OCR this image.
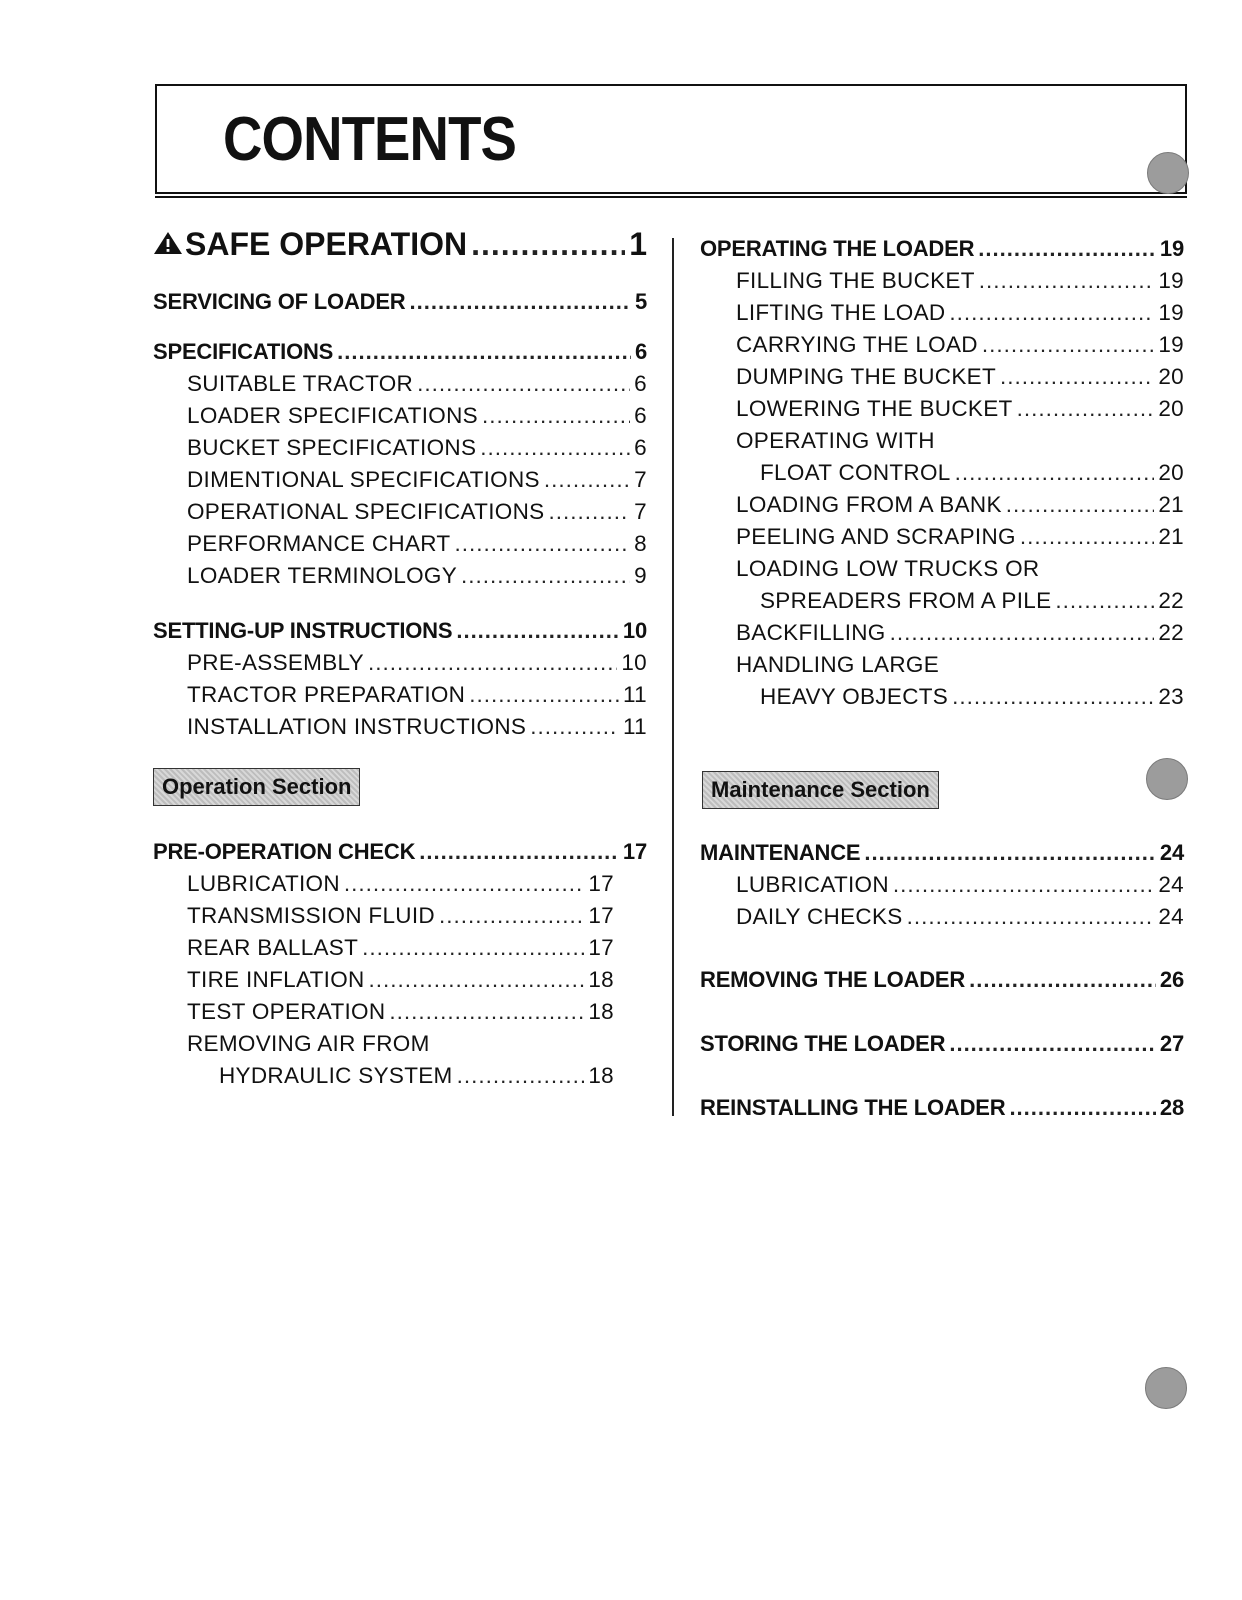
CONTENTS
SAFE OPERATION .....	1
SERVICING OF LOADER .....	5
SPECIFICATIONS .....	6
SUITABLE TRACTOR .....	6
LOADER SPECIFICATIONS .....	6
BUCKET SPECIFICATIONS .....	6
DIMENTIONAL SPECIFICATIONS .....	7
OPERATIONAL SPECIFICATIONS .....	7
PERFORMANCE CHART .....	8
LOADER TERMINOLOGY .....	9
SETTING-UP INSTRUCTIONS .....	10
PRE-ASSEMBLY .....	10
TRACTOR PREPARATION .....	11
INSTALLATION INSTRUCTIONS .....	11
PRE-OPERATION CHECK .....	17
LUBRICATION .....	17
TRANSMISSION FLUID .....	17
REAR BALLAST .....	17
TIRE INFLATION .....	18
TEST OPERATION .....	18
REMOVING AIR FROM
HYDRAULIC SYSTEM .....	18
OPERATING THE LOADER .....	19
FILLING THE BUCKET .....	19
LIFTING THE LOAD .....	19
CARRYING THE LOAD .....	19
DUMPING THE BUCKET .....	20
LOWERING THE BUCKET .....	20
OPERATING WITH
FLOAT CONTROL .....	20
LOADING FROM A BANK .....	21
PEELING AND SCRAPING .....	21
LOADING LOW TRUCKS OR
SPREADERS FROM A PILE .....	22
BACKFILLING .....	22
HANDLING LARGE
HEAVY OBJECTS .....	23
MAINTENANCE .....	24
LUBRICATION .....	24
DAILY CHECKS .....	24
REMOVING THE LOADER .....	26
STORING THE LOADER .....	27
REINSTALLING THE LOADER .....	28
Operation Section	Maintenance Section
